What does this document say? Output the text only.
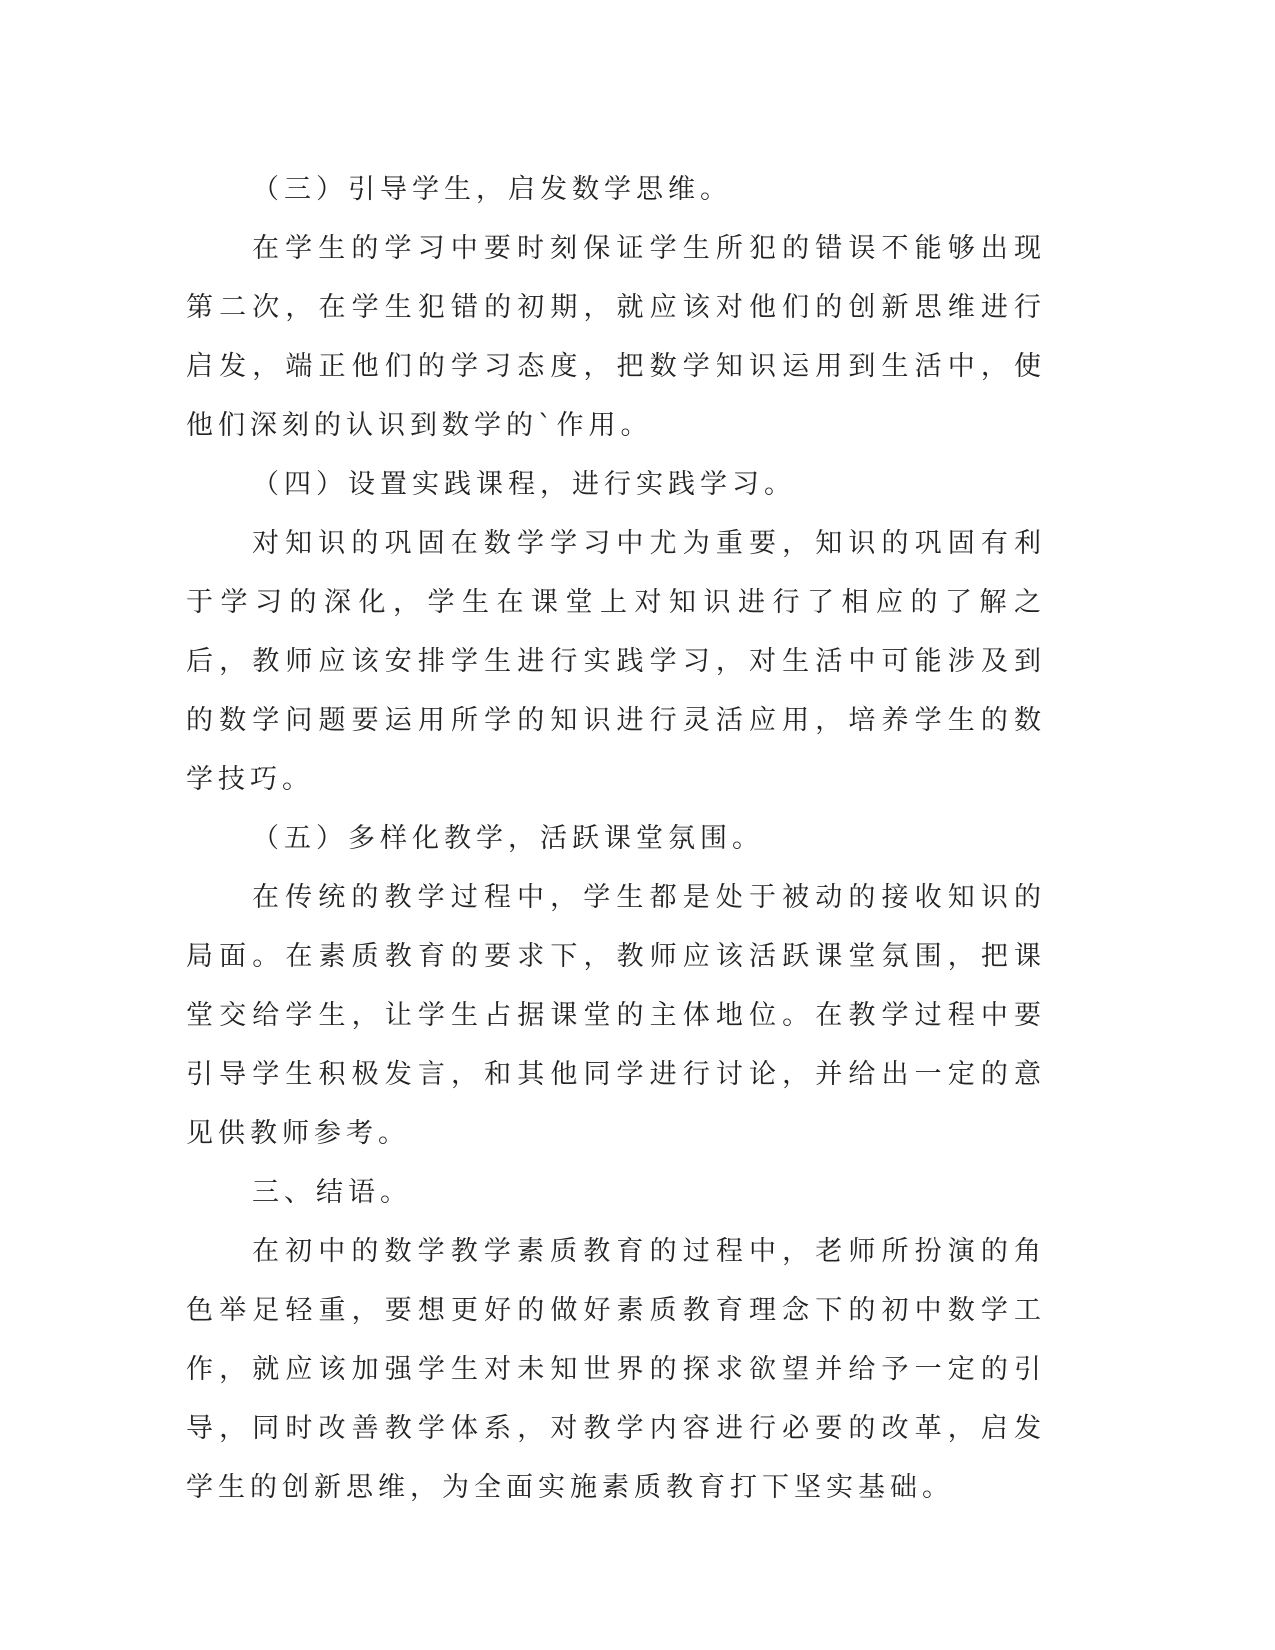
（三）引导学生，启发数学思维。

在学生的学习中要时刻保证学生所犯的错误不能够出现第二次，在学生犯错的初期，就应该对他们的创新思维进行启发，端正他们的学习态度，把数学知识运用到生活中，使他们深刻的认识到数学的`作用。

（四）设置实践课程，进行实践学习。

对知识的巩固在数学学习中尤为重要，知识的巩固有利于学习的深化，学生在课堂上对知识进行了相应的了解之后，教师应该安排学生进行实践学习，对生活中可能涉及到的数学问题要运用所学的知识进行灵活应用，培养学生的数学技巧。

（五）多样化教学，活跃课堂氛围。

在传统的教学过程中，学生都是处于被动的接收知识的局面。在素质教育的要求下，教师应该活跃课堂氛围，把课堂交给学生，让学生占据课堂的主体地位。在教学过程中要引导学生积极发言，和其他同学进行讨论，并给出一定的意见供教师参考。

三、结语。

在初中的数学教学素质教育的过程中，老师所扮演的角色举足轻重，要想更好的做好素质教育理念下的初中数学工作，就应该加强学生对未知世界的探求欲望并给予一定的引导，同时改善教学体系，对教学内容进行必要的改革，启发学生的创新思维，为全面实施素质教育打下坚实基础。
